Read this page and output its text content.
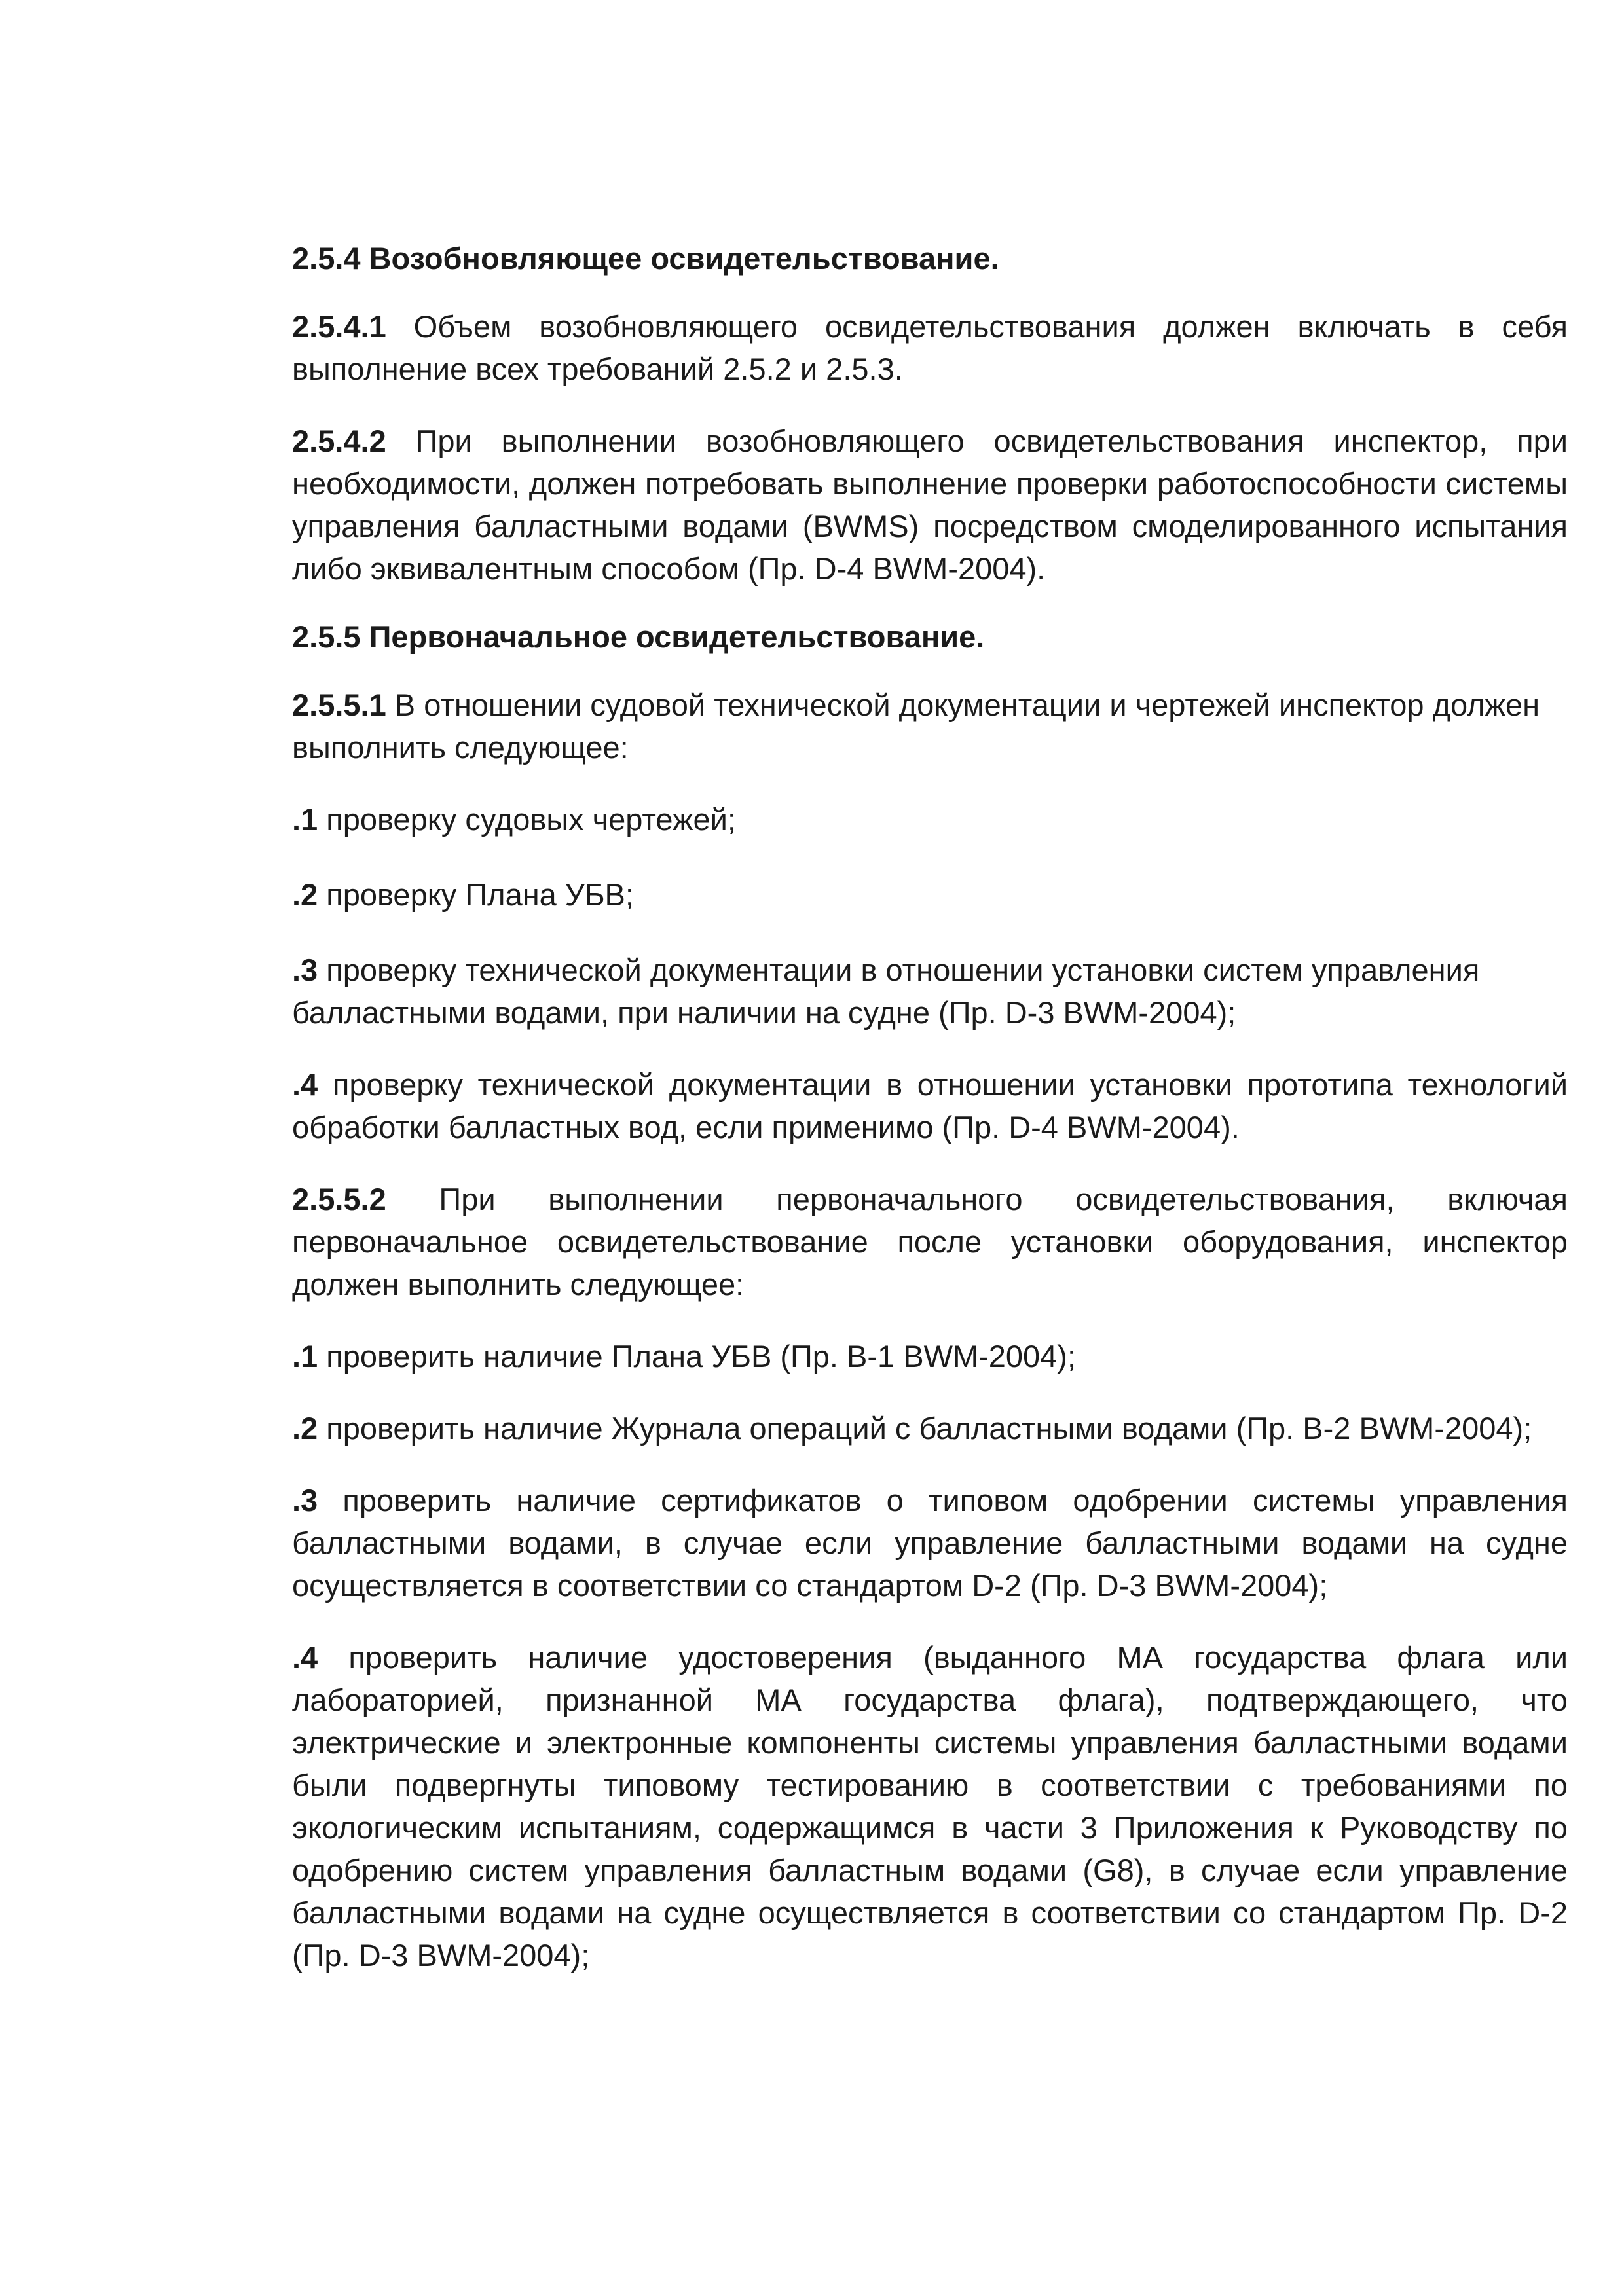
2.5.4 Возобновляющее освидетельствование.

2.5.4.1 Объем возобновляющего освидетельствования должен включать в себя выполнение всех требований 2.5.2 и 2.5.3.

2.5.4.2 При выполнении возобновляющего освидетельствования инспектор, при необходимости, должен потребовать выполнение проверки работоспособности системы управления балластными водами (BWMS) посредством смоделированного испытания либо эквивалентным способом (Пр. D-4 BWM-2004).

2.5.5 Первоначальное освидетельствование.

2.5.5.1 В отношении судовой технической документации и чертежей инспектор должен выполнить следующее:

.1 проверку судовых чертежей;

.2 проверку Плана УБВ;

.3 проверку технической документации в отношении установки систем управления балластными водами, при наличии на судне (Пр. D-3 BWM-2004);

.4 проверку технической документации в отношении установки прототипа технологий обработки балластных вод, если применимо (Пр. D-4 BWM-2004).

2.5.5.2 При выполнении первоначального освидетельствования, включая первоначальное освидетельствование после установки оборудования, инспектор должен выполнить следующее:

.1 проверить наличие Плана УБВ (Пр. В-1 BWM-2004);

.2 проверить наличие Журнала операций с балластными водами (Пр. В-2 BWM-2004);

.3 проверить наличие сертификатов о типовом одобрении системы управления балластными водами, в случае если управление балластными водами на судне осуществляется в соответствии со стандартом D-2 (Пр. D-3 BWM-2004);

.4 проверить наличие удостоверения (выданного МА государства флага или лабораторией, признанной МА государства флага), подтверждающего, что электрические и электронные компоненты системы управления балластными водами были подвергнуты типовому тестированию в соответствии с требованиями по экологическим испытаниям, содержащимся в части 3 Приложения к Руководству по одобрению систем управления балластным водами (G8), в случае если управление балластными водами на судне осуществляется в соответствии со стандартом Пр. D-2 (Пр. D-3 BWM-2004);
